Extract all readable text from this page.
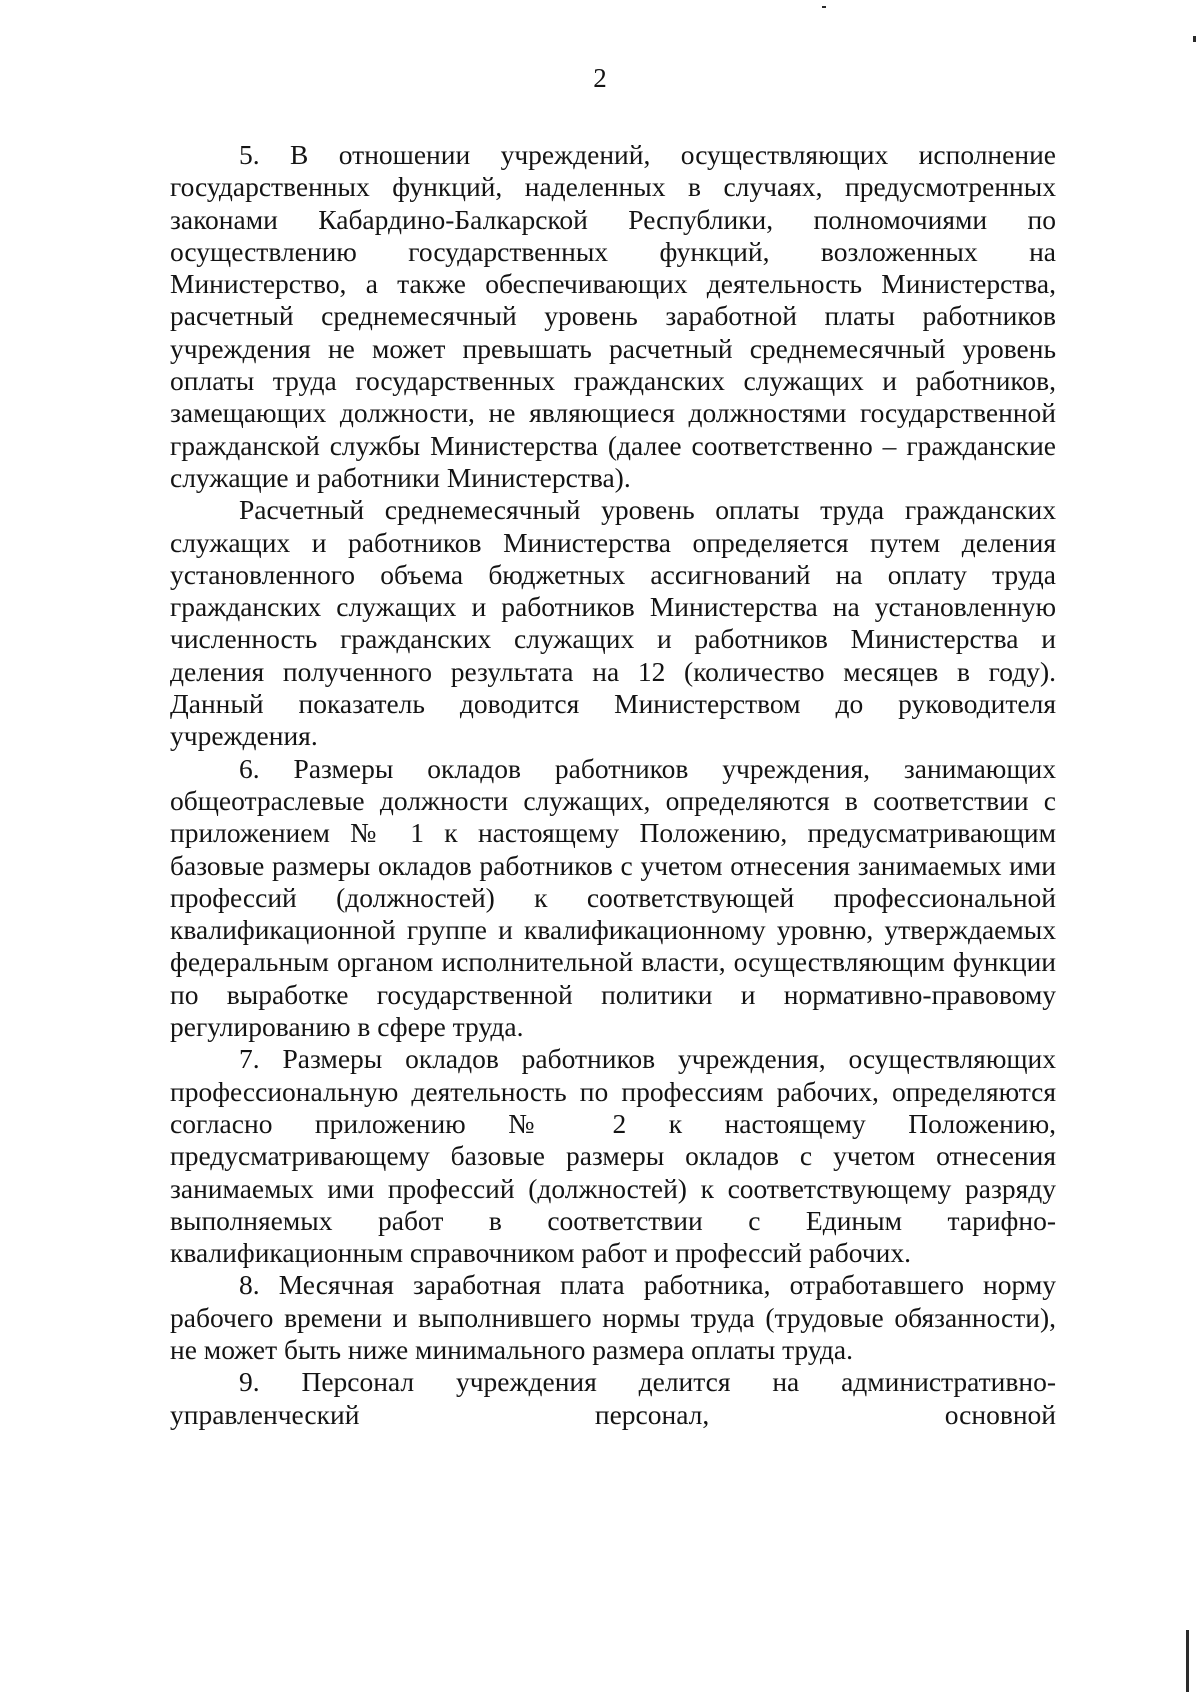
2

5. В отношении учреждений, осуществляющих исполнение государственных функций, наделенных в случаях, предусмотренных законами Кабардино-Балкарской Республики, полномочиями по осуществлению государственных функций, возложенных на Министерство, а также обеспечивающих деятельность Министерства, расчетный среднемесячный уровень заработной платы работников учреждения не может превышать расчетный среднемесячный уровень оплаты труда государственных гражданских служащих и работников, замещающих должности, не являющиеся должностями государственной гражданской службы Министерства (далее соответственно – гражданские служащие и работники Министерства).

Расчетный среднемесячный уровень оплаты труда гражданских служащих и работников Министерства определяется путем деления установленного объема бюджетных ассигнований на оплату труда гражданских служащих и работников Министерства на установленную численность гражданских служащих и работников Министерства и деления полученного результата на 12 (количество месяцев в году). Данный показатель доводится Министерством до руководителя учреждения.

6. Размеры окладов работников учреждения, занимающих общеотраслевые должности служащих, определяются в соответствии с приложением № 1 к настоящему Положению, предусматривающим базовые размеры окладов работников с учетом отнесения занимаемых ими профессий (должностей) к соответствующей профессиональной квалификационной группе и квалификационному уровню, утверждаемых федеральным органом исполнительной власти, осуществляющим функции по выработке государственной политики и нормативно-правовому регулированию в сфере труда.

7. Размеры окладов работников учреждения, осуществляющих профессиональную деятельность по профессиям рабочих, определяются согласно приложению № 2 к настоящему Положению, предусматривающему базовые размеры окладов с учетом отнесения занимаемых ими профессий (должностей) к соответствующему разряду выполняемых работ в соответствии с Единым тарифно-квалификационным справочником работ и профессий рабочих.

8. Месячная заработная плата работника, отработавшего норму рабочего времени и выполнившего нормы труда (трудовые обязанности), не может быть ниже минимального размера оплаты труда.

9. Персонал учреждения делится на административно-управленческий персонал, основной
